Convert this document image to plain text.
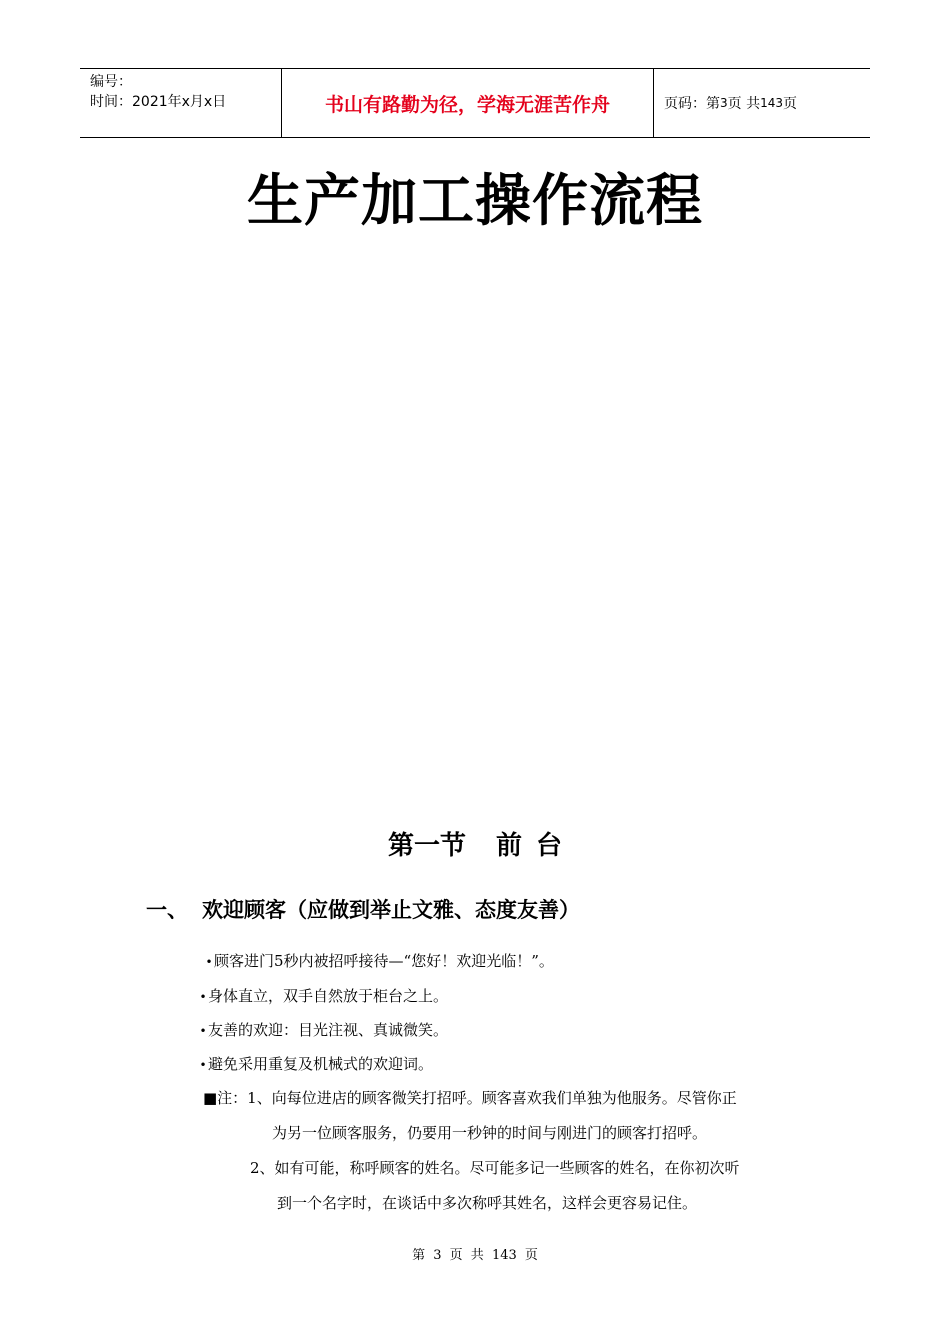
编号：
时间：2021年x月x日	书山有路勤为径，学海无涯苦作舟	页码：第 3 页 共 143 页
生产加工操作流程
第一节 前 台
一、 欢迎顾客（应做到举止文雅、态度友善）
•顾客进门5秒内被招呼接待—“您好！欢迎光临！”。
•身体直立，双手自然放于柜台之上。
•友善的欢迎：目光注视、真诚微笑。
•避免采用重复及机械式的欢迎词。
■注：1、向每位进店的顾客微笑打招呼。顾客喜欢我们单独为他服务。尽管你正
为另一位顾客服务，仍要用一秒钟的时间与刚进门的顾客打招呼。
2、如有可能，称呼顾客的姓名。尽可能多记一些顾客的姓名，在你初次听
到一个名字时，在谈话中多次称呼其姓名，这样会更容易记住。
第 3 页 共 143 页
